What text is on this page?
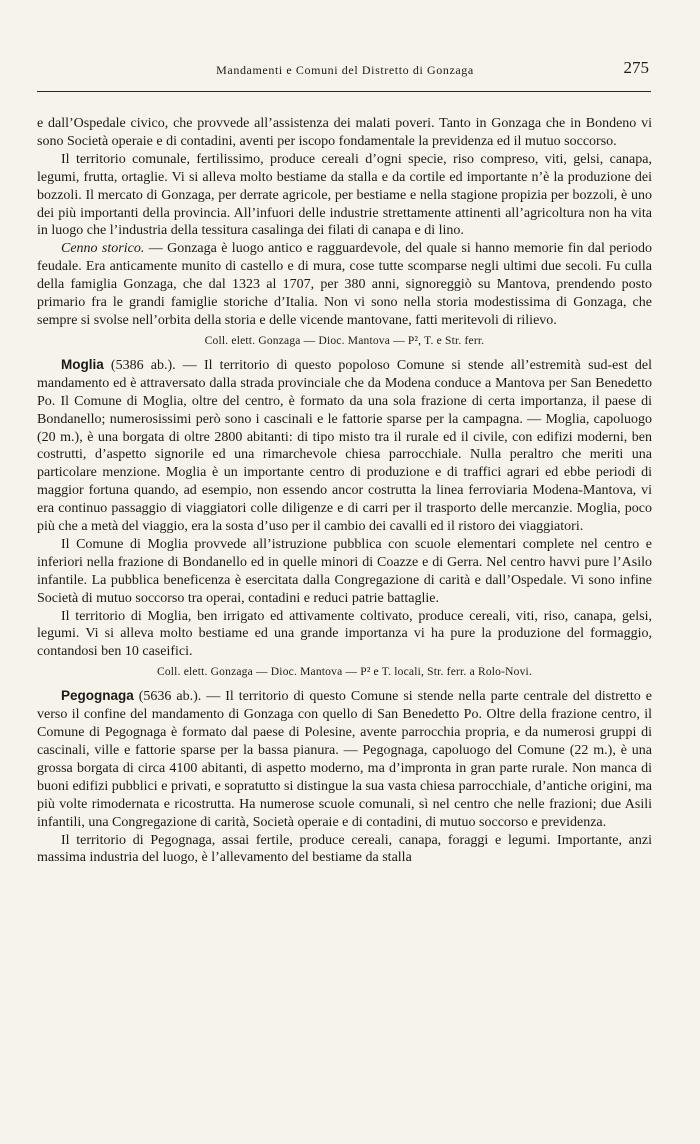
Mandamenti e Comuni del Distretto di Gonzaga	275

e dall’Ospedale civico, che provvede all’assistenza dei malati poveri. Tanto in Gonzaga che in Bondeno vi sono Società operaie e di contadini, aventi per iscopo fondamentale la previdenza ed il mutuo soccorso.

Il territorio comunale, fertilissimo, produce cereali d’ogni specie, riso compreso, viti, gelsi, canapa, legumi, frutta, ortaglie. Vi si alleva molto bestiame da stalla e da cortile ed importante n’è la produzione dei bozzoli. Il mercato di Gonzaga, per derrate agricole, per bestiame e nella stagione propizia per bozzoli, è uno dei più importanti della provincia. All’infuori delle industrie strettamente attinenti all’agricoltura non ha vita in luogo che l’industria della tessitura casalinga dei filati di canapa e di lino.

Cenno storico. — Gonzaga è luogo antico e ragguardevole, del quale si hanno memorie fin dal periodo feudale. Era anticamente munito di castello e di mura, cose tutte scomparse negli ultimi due secoli. Fu culla della famiglia Gonzaga, che dal 1323 al 1707, per 380 anni, signoreggiò su Mantova, prendendo posto primario fra le grandi famiglie storiche d’Italia. Non vi sono nella storia modestissima di Gonzaga, che sempre si svolse nell’orbita della storia e delle vicende mantovane, fatti meritevoli di rilievo.

Coll. elett. Gonzaga — Dioc. Mantova — P², T. e Str. ferr.

Moglia (5386 ab.). — Il territorio di questo popoloso Comune si stende all’estremità sud-est del mandamento ed è attraversato dalla strada provinciale che da Modena conduce a Mantova per San Benedetto Po. Il Comune di Moglia, oltre del centro, è formato da una sola frazione di certa importanza, il paese di Bondanello; numerosissimi però sono i cascinali e le fattorie sparse per la campagna. — Moglia, capoluogo (20 m.), è una borgata di oltre 2800 abitanti: di tipo misto tra il rurale ed il civile, con edifizi moderni, ben costrutti, d’aspetto signorile ed una rimarchevole chiesa parrocchiale. Nulla peraltro che meriti una particolare menzione. Moglia è un importante centro di produzione e di traffici agrari ed ebbe periodi di maggior fortuna quando, ad esempio, non essendo ancor costrutta la linea ferroviaria Modena-Mantova, vi era continuo passaggio di viaggiatori colle diligenze e di carri per il trasporto delle mercanzie. Moglia, poco più che a metà del viaggio, era la sosta d’uso per il cambio dei cavalli ed il ristoro dei viaggiatori.

Il Comune di Moglia provvede all’istruzione pubblica con scuole elementari complete nel centro e inferiori nella frazione di Bondanello ed in quelle minori di Coazze e di Gerra. Nel centro havvi pure l’Asilo infantile. La pubblica beneficenza è esercitata dalla Congregazione di carità e dall’Ospedale. Vi sono infine Società di mutuo soccorso tra operai, contadini e reduci patrie battaglie.

Il territorio di Moglia, ben irrigato ed attivamente coltivato, produce cereali, viti, riso, canapa, gelsi, legumi. Vi si alleva molto bestiame ed una grande importanza vi ha pure la produzione del formaggio, contandosi ben 10 caseifici.

Coll. elett. Gonzaga — Dioc. Mantova — P² e T. locali, Str. ferr. a Rolo-Novi.

Pegognaga (5636 ab.). — Il territorio di questo Comune si stende nella parte centrale del distretto e verso il confine del mandamento di Gonzaga con quello di San Benedetto Po. Oltre della frazione centro, il Comune di Pegognaga è formato dal paese di Polesine, avente parrocchia propria, e da numerosi gruppi di cascinali, ville e fattorie sparse per la bassa pianura. — Pegognaga, capoluogo del Comune (22 m.), è una grossa borgata di circa 4100 abitanti, di aspetto moderno, ma d’impronta in gran parte rurale. Non manca di buoni edifizi pubblici e privati, e sopratutto si distingue la sua vasta chiesa parrocchiale, d’antiche origini, ma più volte rimodernata e ricostrutta. Ha numerose scuole comunali, sì nel centro che nelle frazioni; due Asili infantili, una Congregazione di carità, Società operaie e di contadini, di mutuo soccorso e previdenza.

Il territorio di Pegognaga, assai fertile, produce cereali, canapa, foraggi e legumi. Importante, anzi massima industria del luogo, è l’allevamento del bestiame da stalla
